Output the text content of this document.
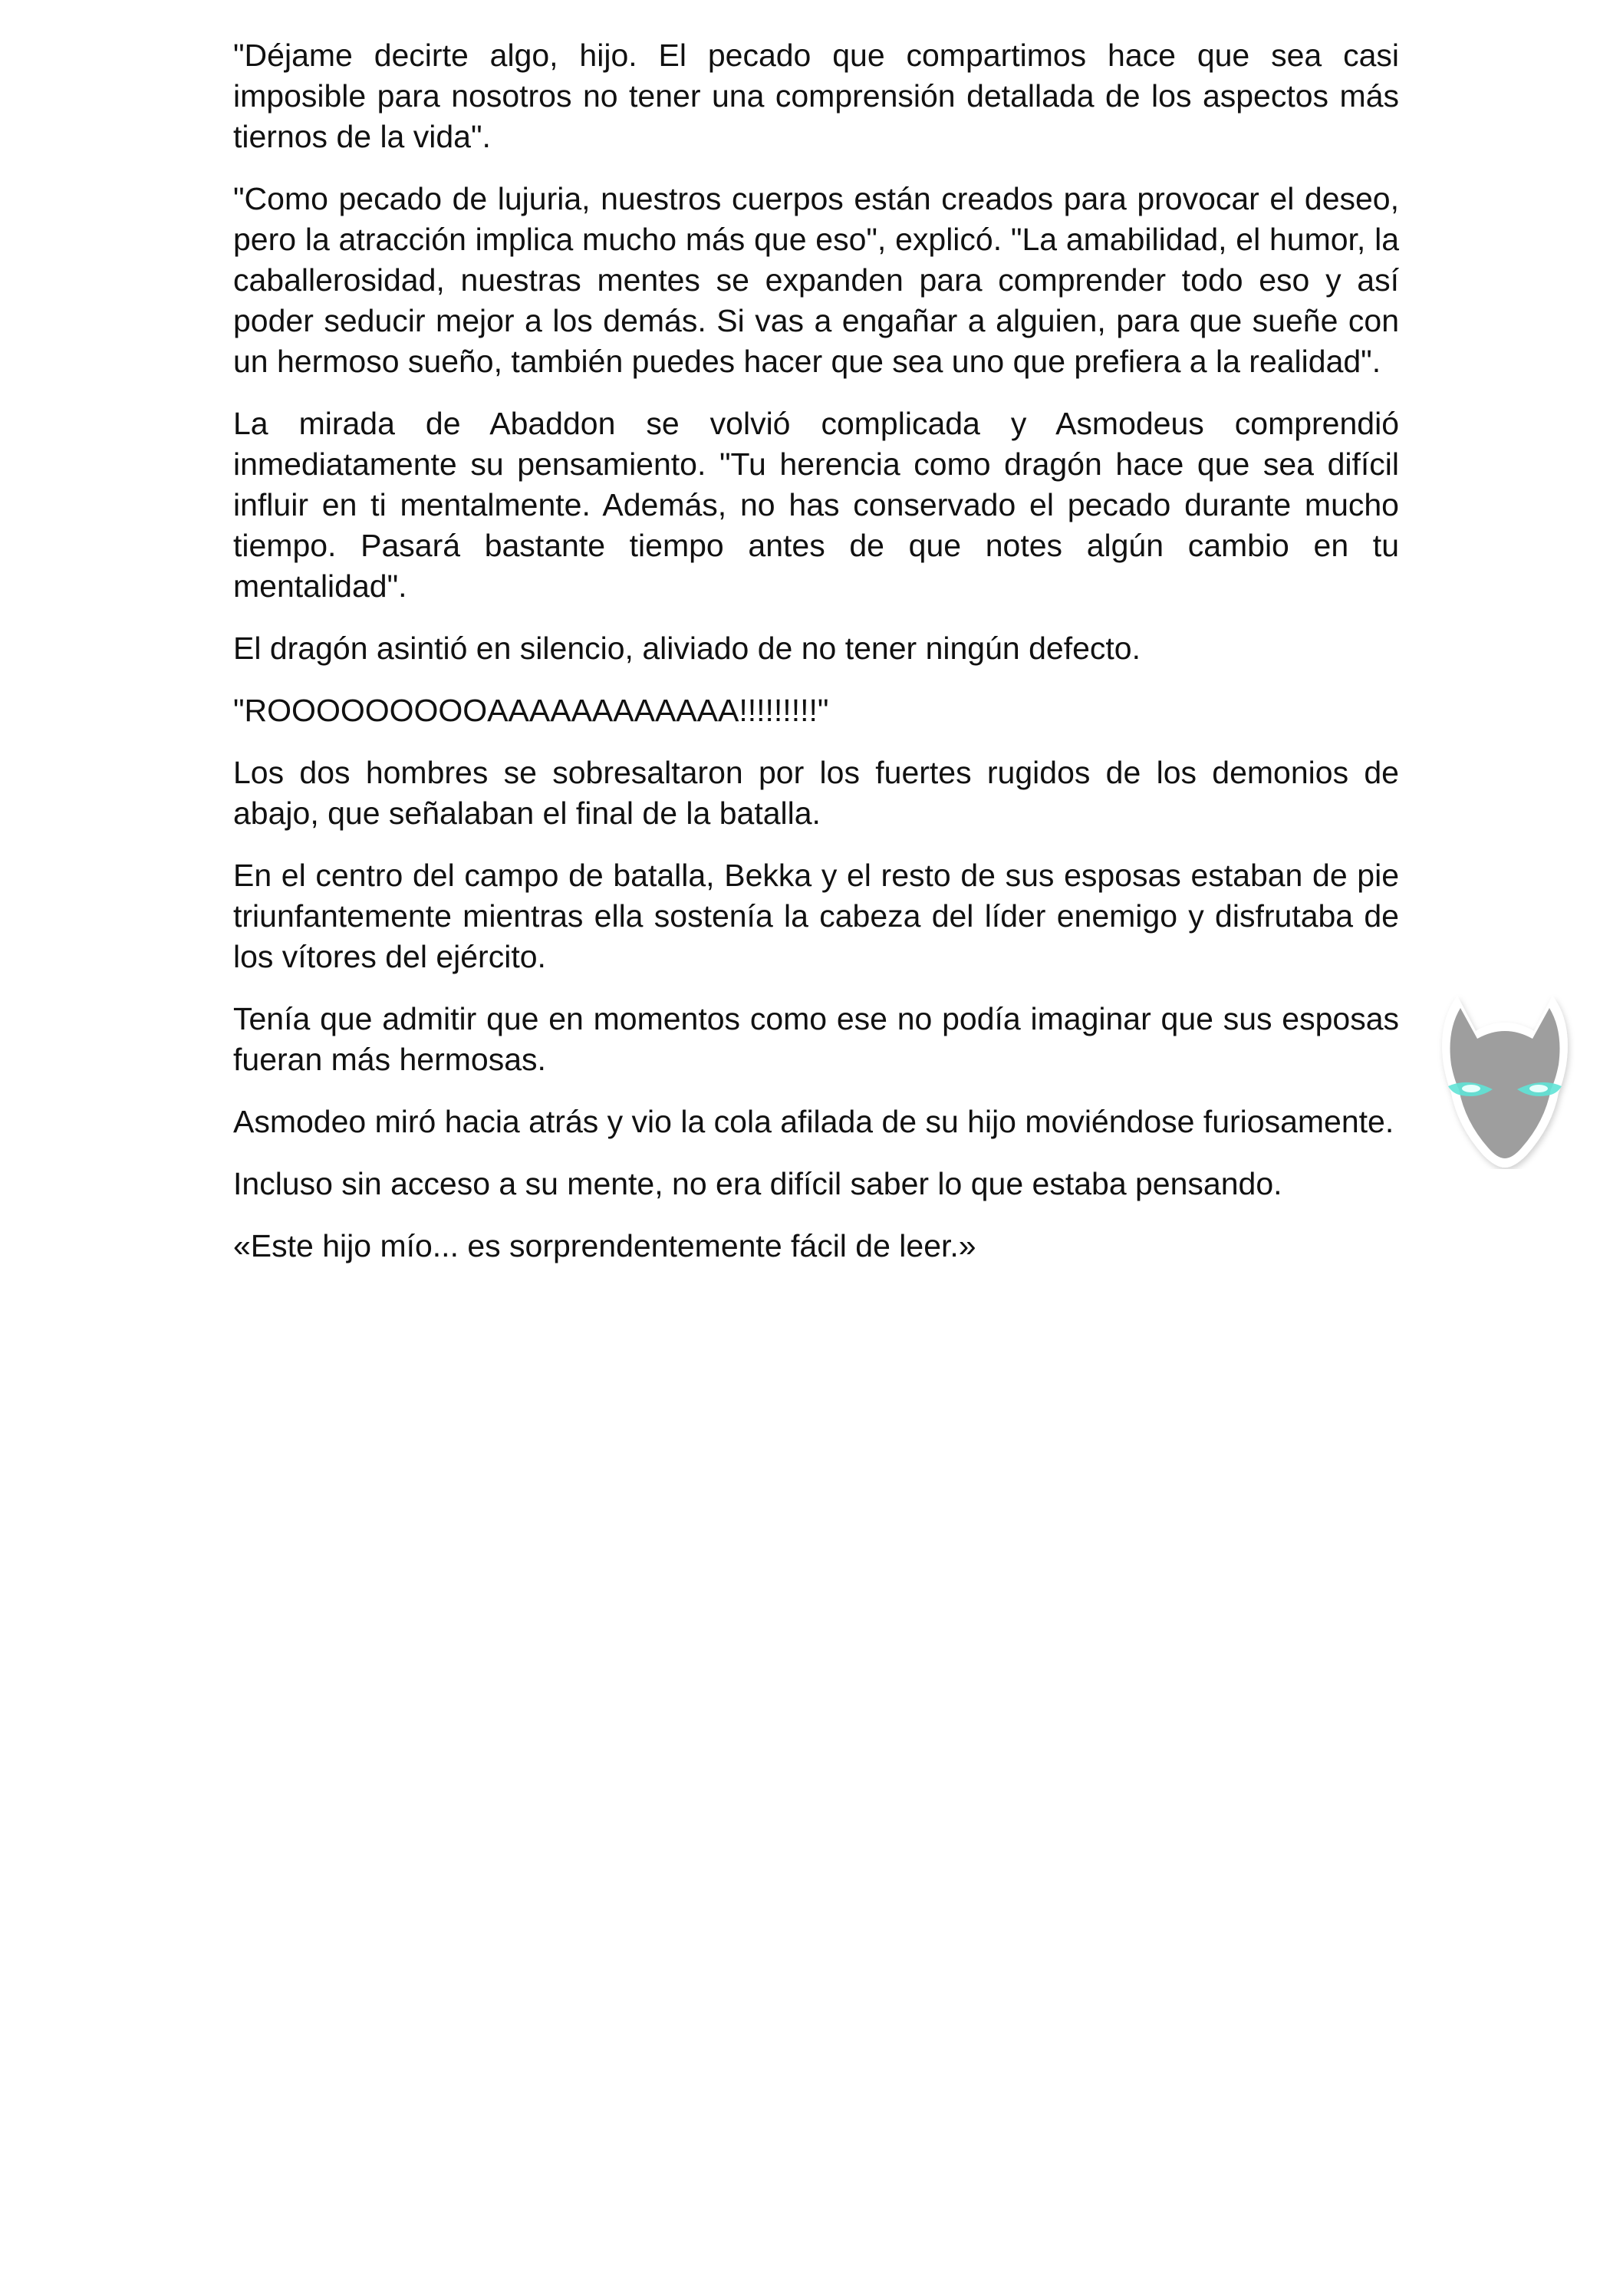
"Déjame decirte algo, hijo. El pecado que compartimos hace que sea casi imposible para nosotros no tener una comprensión detallada de los aspectos más tiernos de la vida".

"Como pecado de lujuria, nuestros cuerpos están creados para provocar el deseo, pero la atracción implica mucho más que eso", explicó. "La amabilidad, el humor, la caballerosidad, nuestras mentes se expanden para comprender todo eso y así poder seducir mejor a los demás. Si vas a engañar a alguien, para que sueñe con un hermoso sueño, también puedes hacer que sea uno que prefiera a la realidad".

La mirada de Abaddon se volvió complicada y Asmodeus comprendió inmediatamente su pensamiento. "Tu herencia como dragón hace que sea difícil influir en ti mentalmente. Además, no has conservado el pecado durante mucho tiempo. Pasará bastante tiempo antes de que notes algún cambio en tu mentalidad".

El dragón asintió en silencio, aliviado de no tener ningún defecto.

"ROOOOOOOOOAAAAAAAAAAAA!!!!!!!!!"

Los dos hombres se sobresaltaron por los fuertes rugidos de los demonios de abajo, que señalaban el final de la batalla.

En el centro del campo de batalla, Bekka y el resto de sus esposas estaban de pie triunfantemente mientras ella sostenía la cabeza del líder enemigo y disfrutaba de los vítores del ejército.

Tenía que admitir que en momentos como ese no podía imaginar que sus esposas fueran más hermosas.

Asmodeo miró hacia atrás y vio la cola afilada de su hijo moviéndose furiosamente.

Incluso sin acceso a su mente, no era difícil saber lo que estaba pensando.

«Este hijo mío... es sorprendentemente fácil de leer.»
